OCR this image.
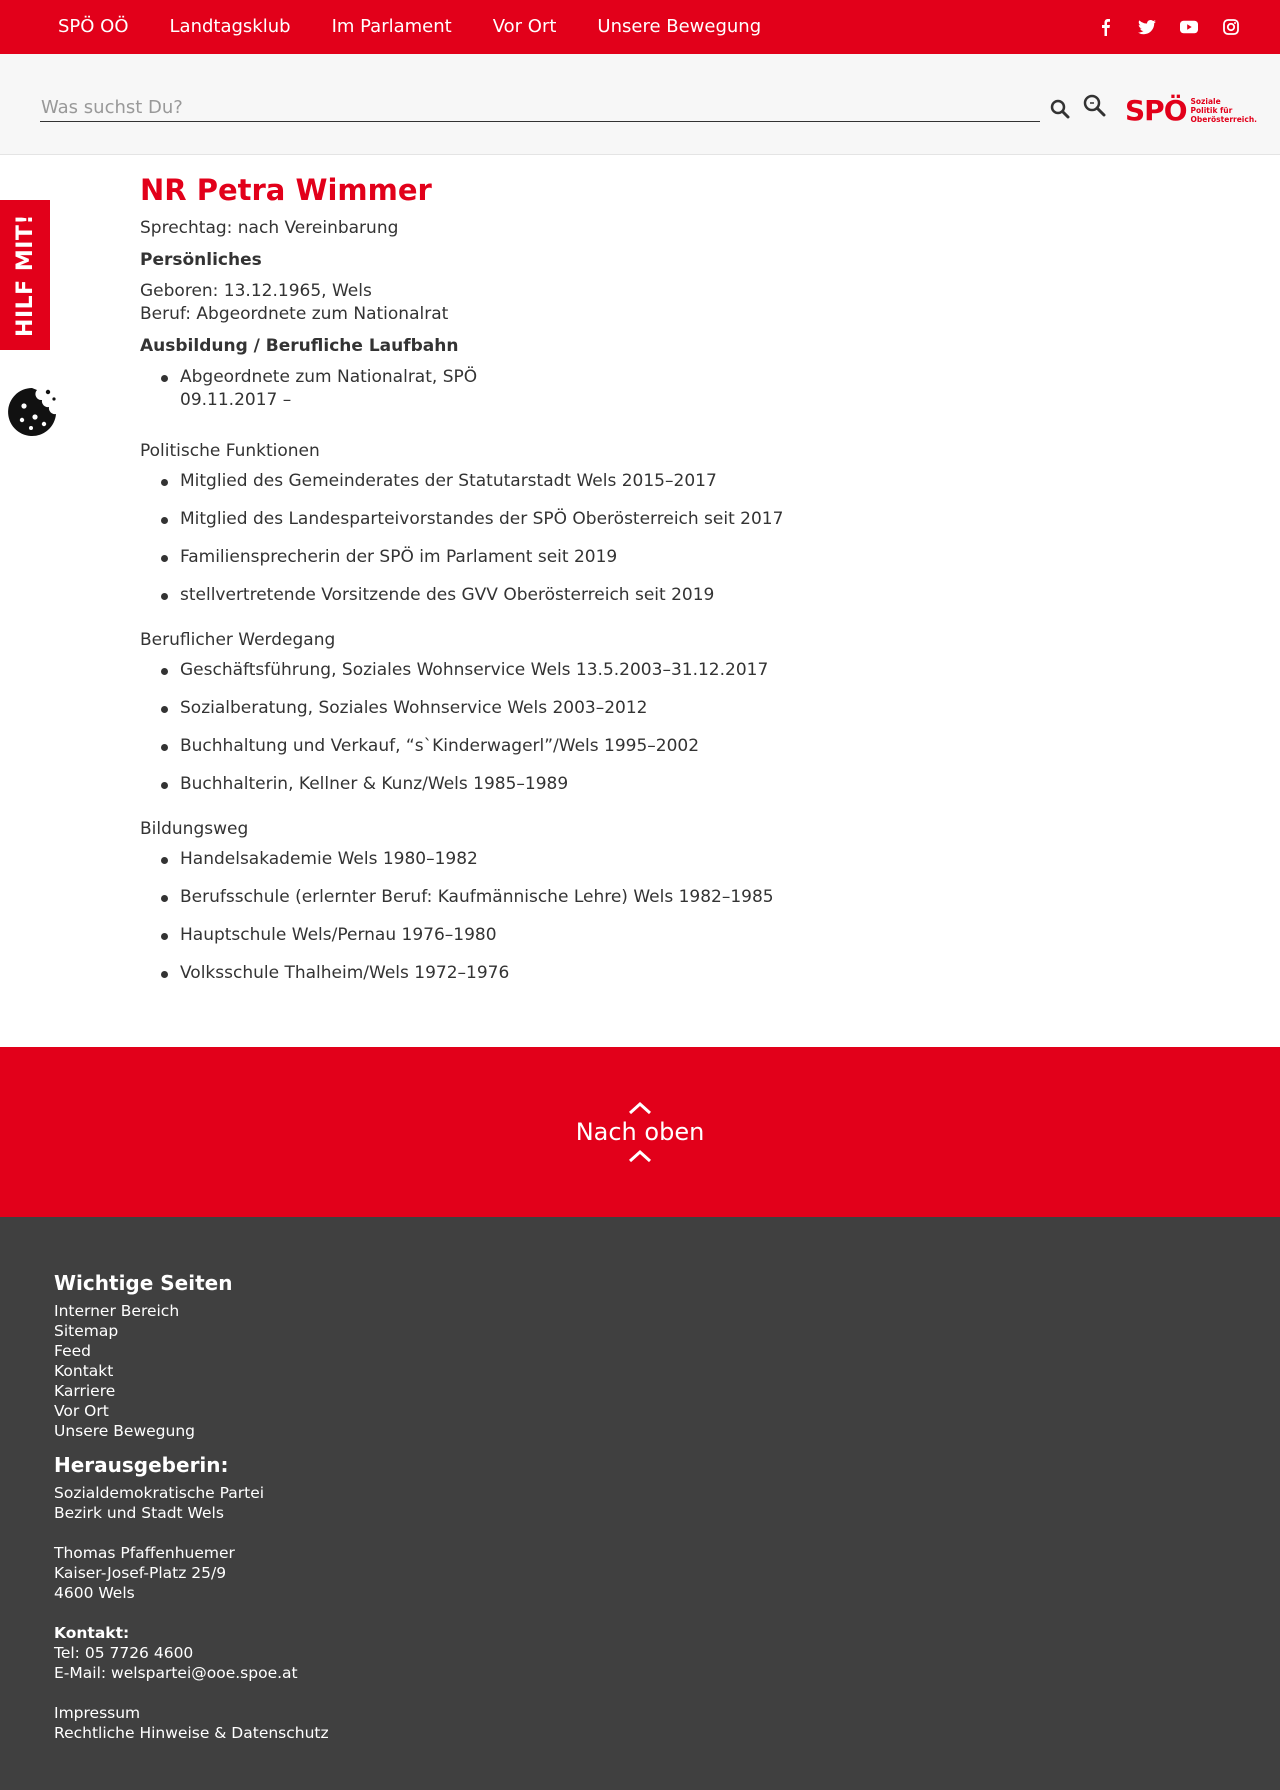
SPÖ OÖ Landtagsklub Im Parlament Vor Ort Unsere Bewegung
Was suchst Du?
SPÖ Soziale Politik für Oberösterreich.
HILF MIT!
NR Petra Wimmer

Sprechtag: nach Vereinbarung

Persönliches

Geboren: 13.12.1965, Wels
Beruf: Abgeordnete zum Nationalrat

Ausbildung / Berufliche Laufbahn

Abgeordnete zum Nationalrat, SPÖ
09.11.2017 –

Politische Funktionen

Mitglied des Gemeinderates der Statutarstadt Wels 2015–2017
Mitglied des Landesparteivorstandes der SPÖ Oberösterreich seit 2017
Familiensprecherin der SPÖ im Parlament seit 2019
stellvertretende Vorsitzende des GVV Oberösterreich seit 2019

Beruflicher Werdegang

Geschäftsführung, Soziales Wohnservice Wels 13.5.2003–31.12.2017
Sozialberatung, Soziales Wohnservice Wels 2003–2012
Buchhaltung und Verkauf, “s`Kinderwagerl”/Wels 1995–2002
Buchhalterin, Kellner & Kunz/Wels 1985–1989

Bildungsweg

Handelsakademie Wels 1980–1982
Berufsschule (erlernter Beruf: Kaufmännische Lehre) Wels 1982–1985
Hauptschule Wels/Pernau 1976–1980
Volksschule Thalheim/Wels 1972–1976
Nach oben
Wichtige Seiten
Interner Bereich
Sitemap
Feed
Kontakt
Karriere
Vor Ort
Unsere Bewegung
Herausgeberin:
Sozialdemokratische Partei
Bezirk und Stadt Wels
Thomas Pfaffenhuemer
Kaiser-Josef-Platz 25/9
4600 Wels
Kontakt:
Tel: 05 7726 4600
E-Mail: welspartei@ooe.spoe.at
Impressum
Rechtliche Hinweise & Datenschutz
